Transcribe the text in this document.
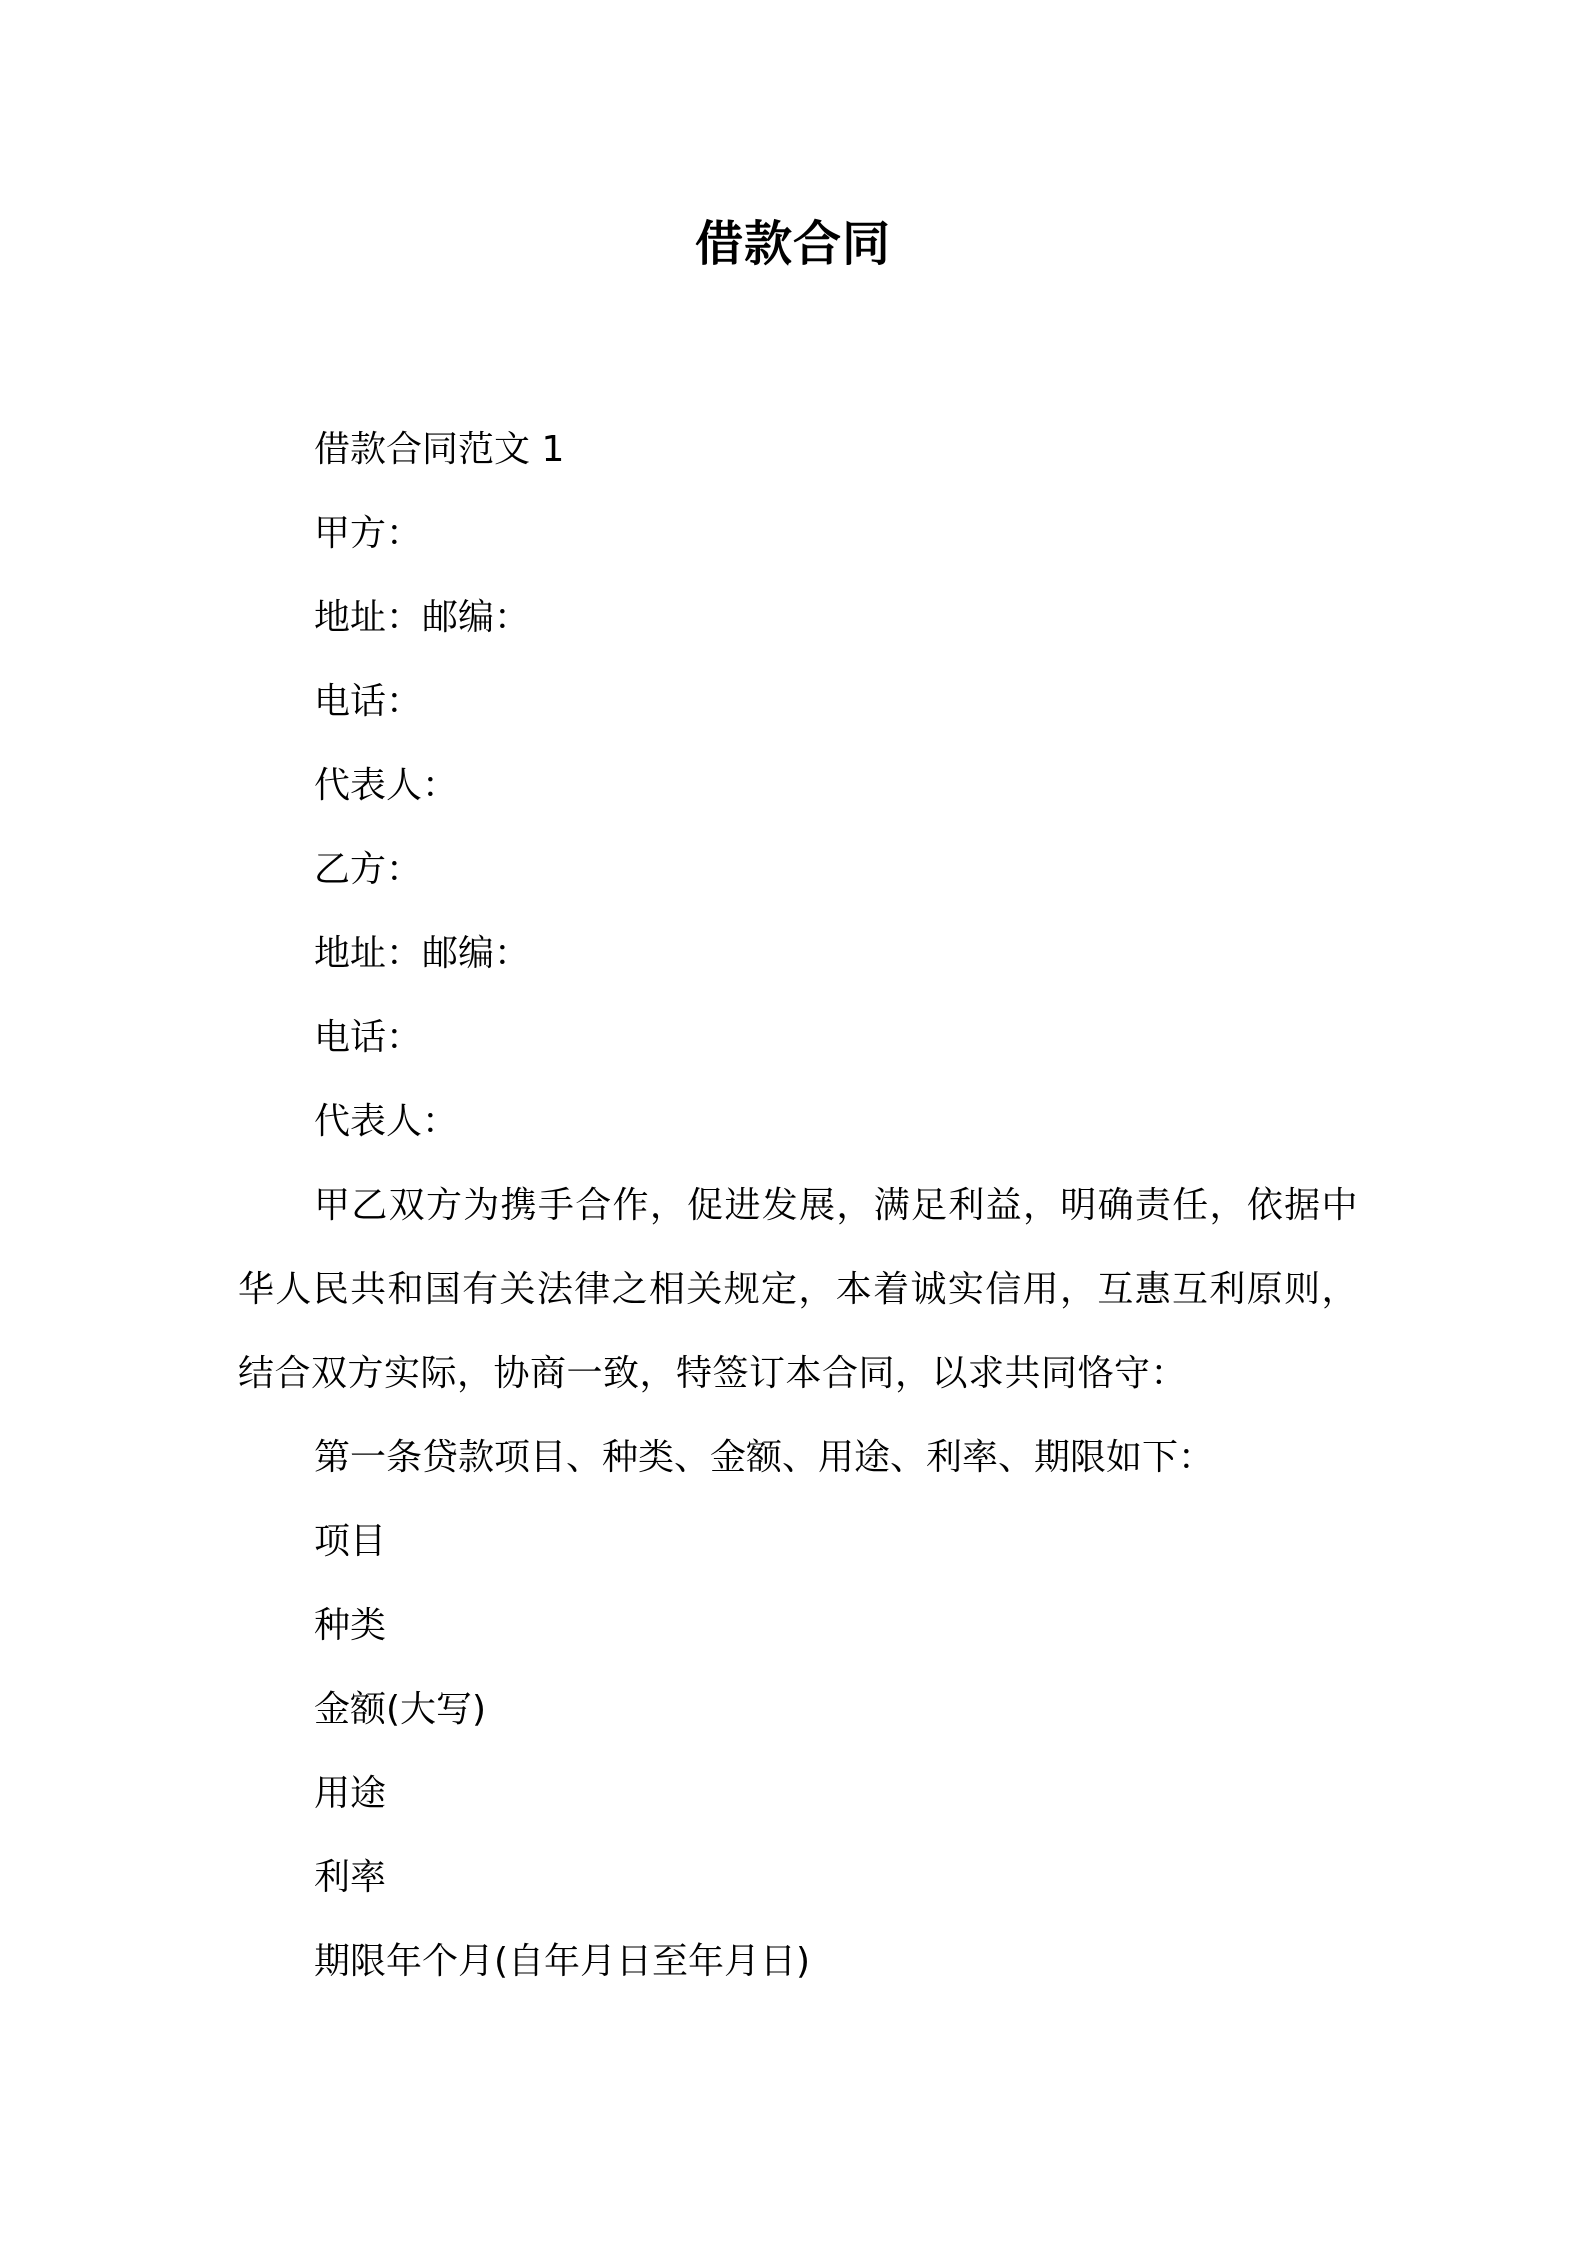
借款合同
借款合同范文 1
甲方：
地址：邮编：
电话：
代表人：
乙方：
地址：邮编：
电话：
代表人：
甲乙双方为携手合作，促进发展，满足利益，明确责任，依据中华人民共和国有关法律之相关规定，本着诚实信用，互惠互利原则，结合双方实际，协商一致，特签订本合同，以求共同恪守：
第一条贷款项目、种类、金额、用途、利率、期限如下：
项目
种类
金额(大写)
用途
利率
期限年个月(自年月日至年月日)
